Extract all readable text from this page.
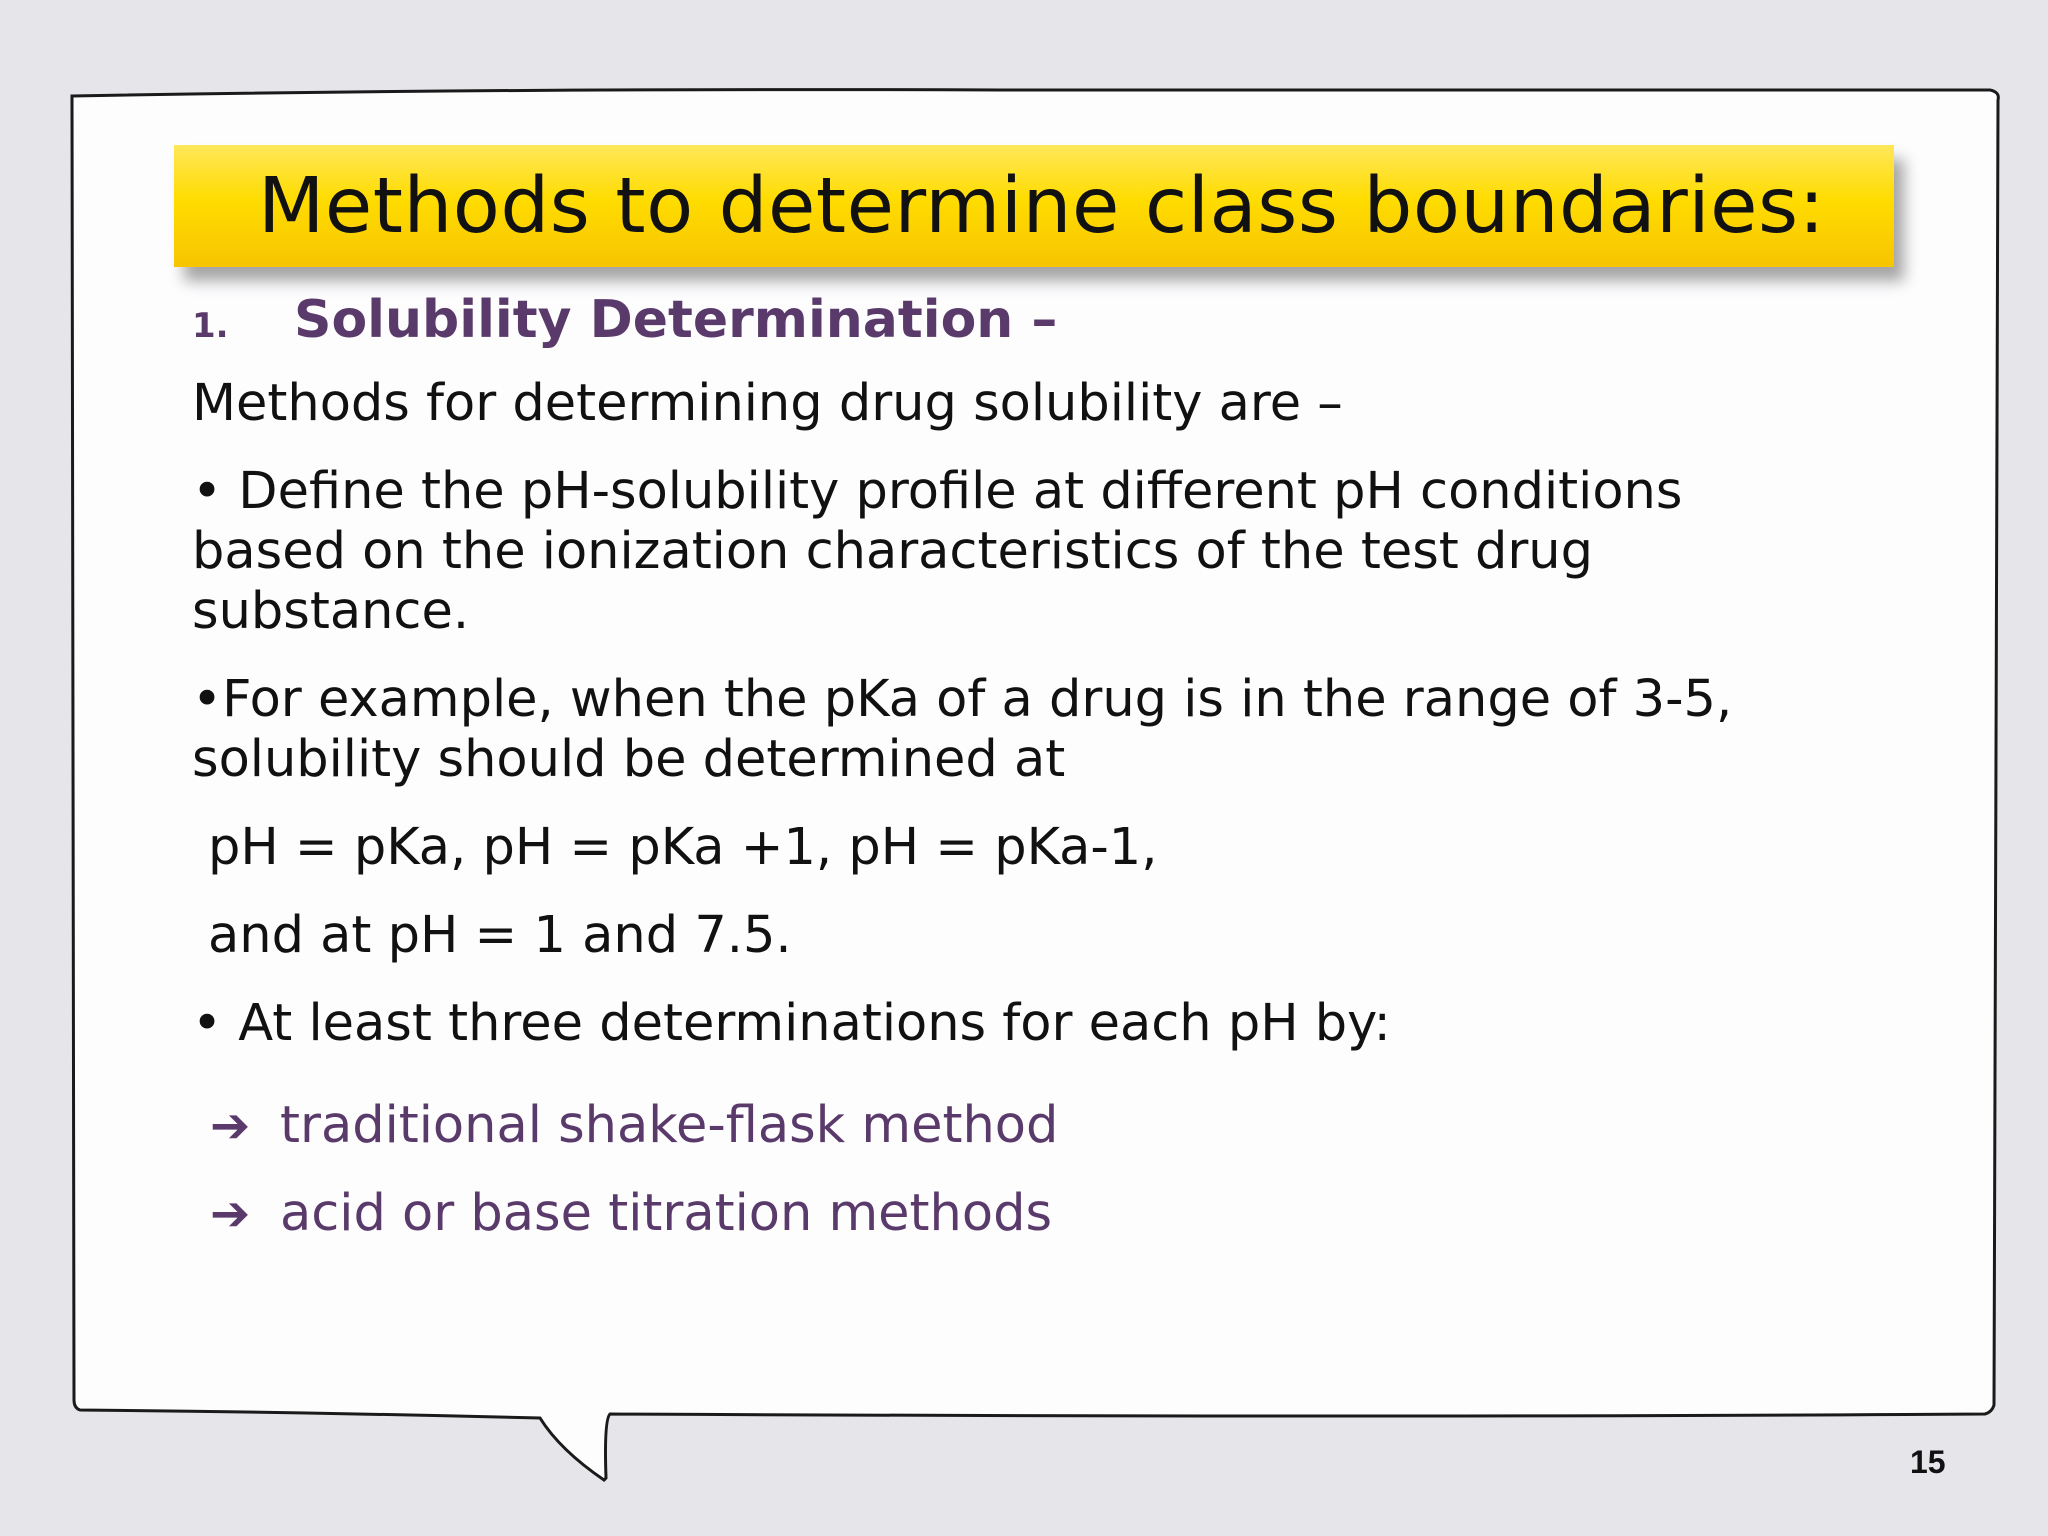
Methods to determine class boundaries:
1.	Solubility Determination –
Methods for determining drug solubility are –
• Define the pH-solubility profile at different pH conditions
based on the ionization characteristics of the test drug
substance.
•For example, when the pKa of a drug is in the range of 3-5,
solubility should be determined at
pH = pKa, pH = pKa +1, pH = pKa-1,
and at pH = 1 and 7.5.
• At least three determinations for each pH by:
➔ traditional shake-flask method
➔ acid or base titration methods
15
